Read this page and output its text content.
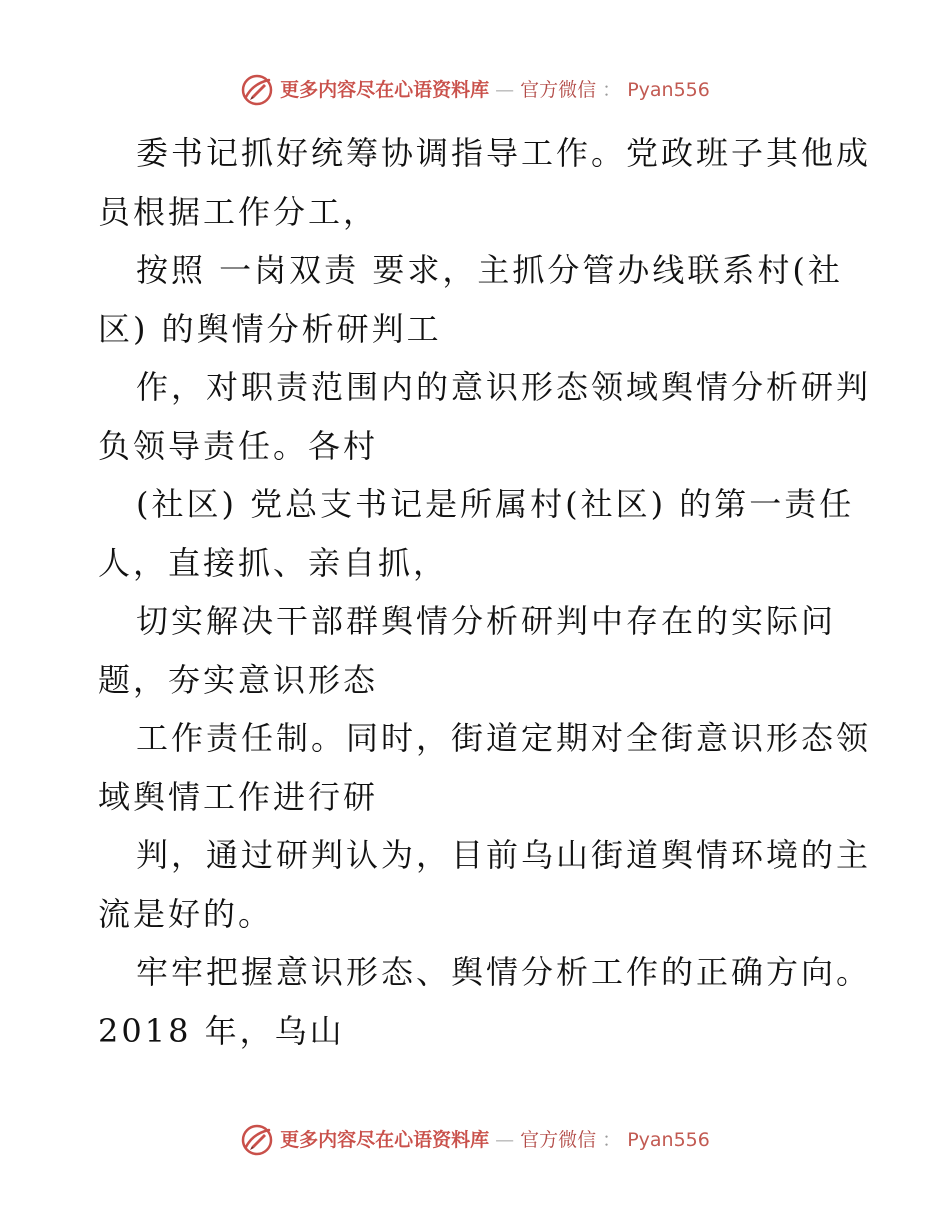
更多内容尽在心语资料库 — 官方微信 ： Pyan556

委书记抓好统筹协调指导工作。党政班子其他成

员根据工作分工，

按照 一岗双责 要求，主抓分管办线联系村(社

区) 的舆情分析研判工

作，对职责范围内的意识形态领域舆情分析研判

负领导责任。各村

(社区) 党总支书记是所属村(社区) 的第一责任

人，直接抓、亲自抓，

切实解决干部群舆情分析研判中存在的实际问

题，夯实意识形态

工作责任制。同时，街道定期对全街意识形态领

域舆情工作进行研

判，通过研判认为，目前乌山街道舆情环境的主

流是好的。

牢牢把握意识形态、舆情分析工作的正确方向。

2018 年，乌山

更多内容尽在心语资料库 — 官方微信 ： Pyan556
